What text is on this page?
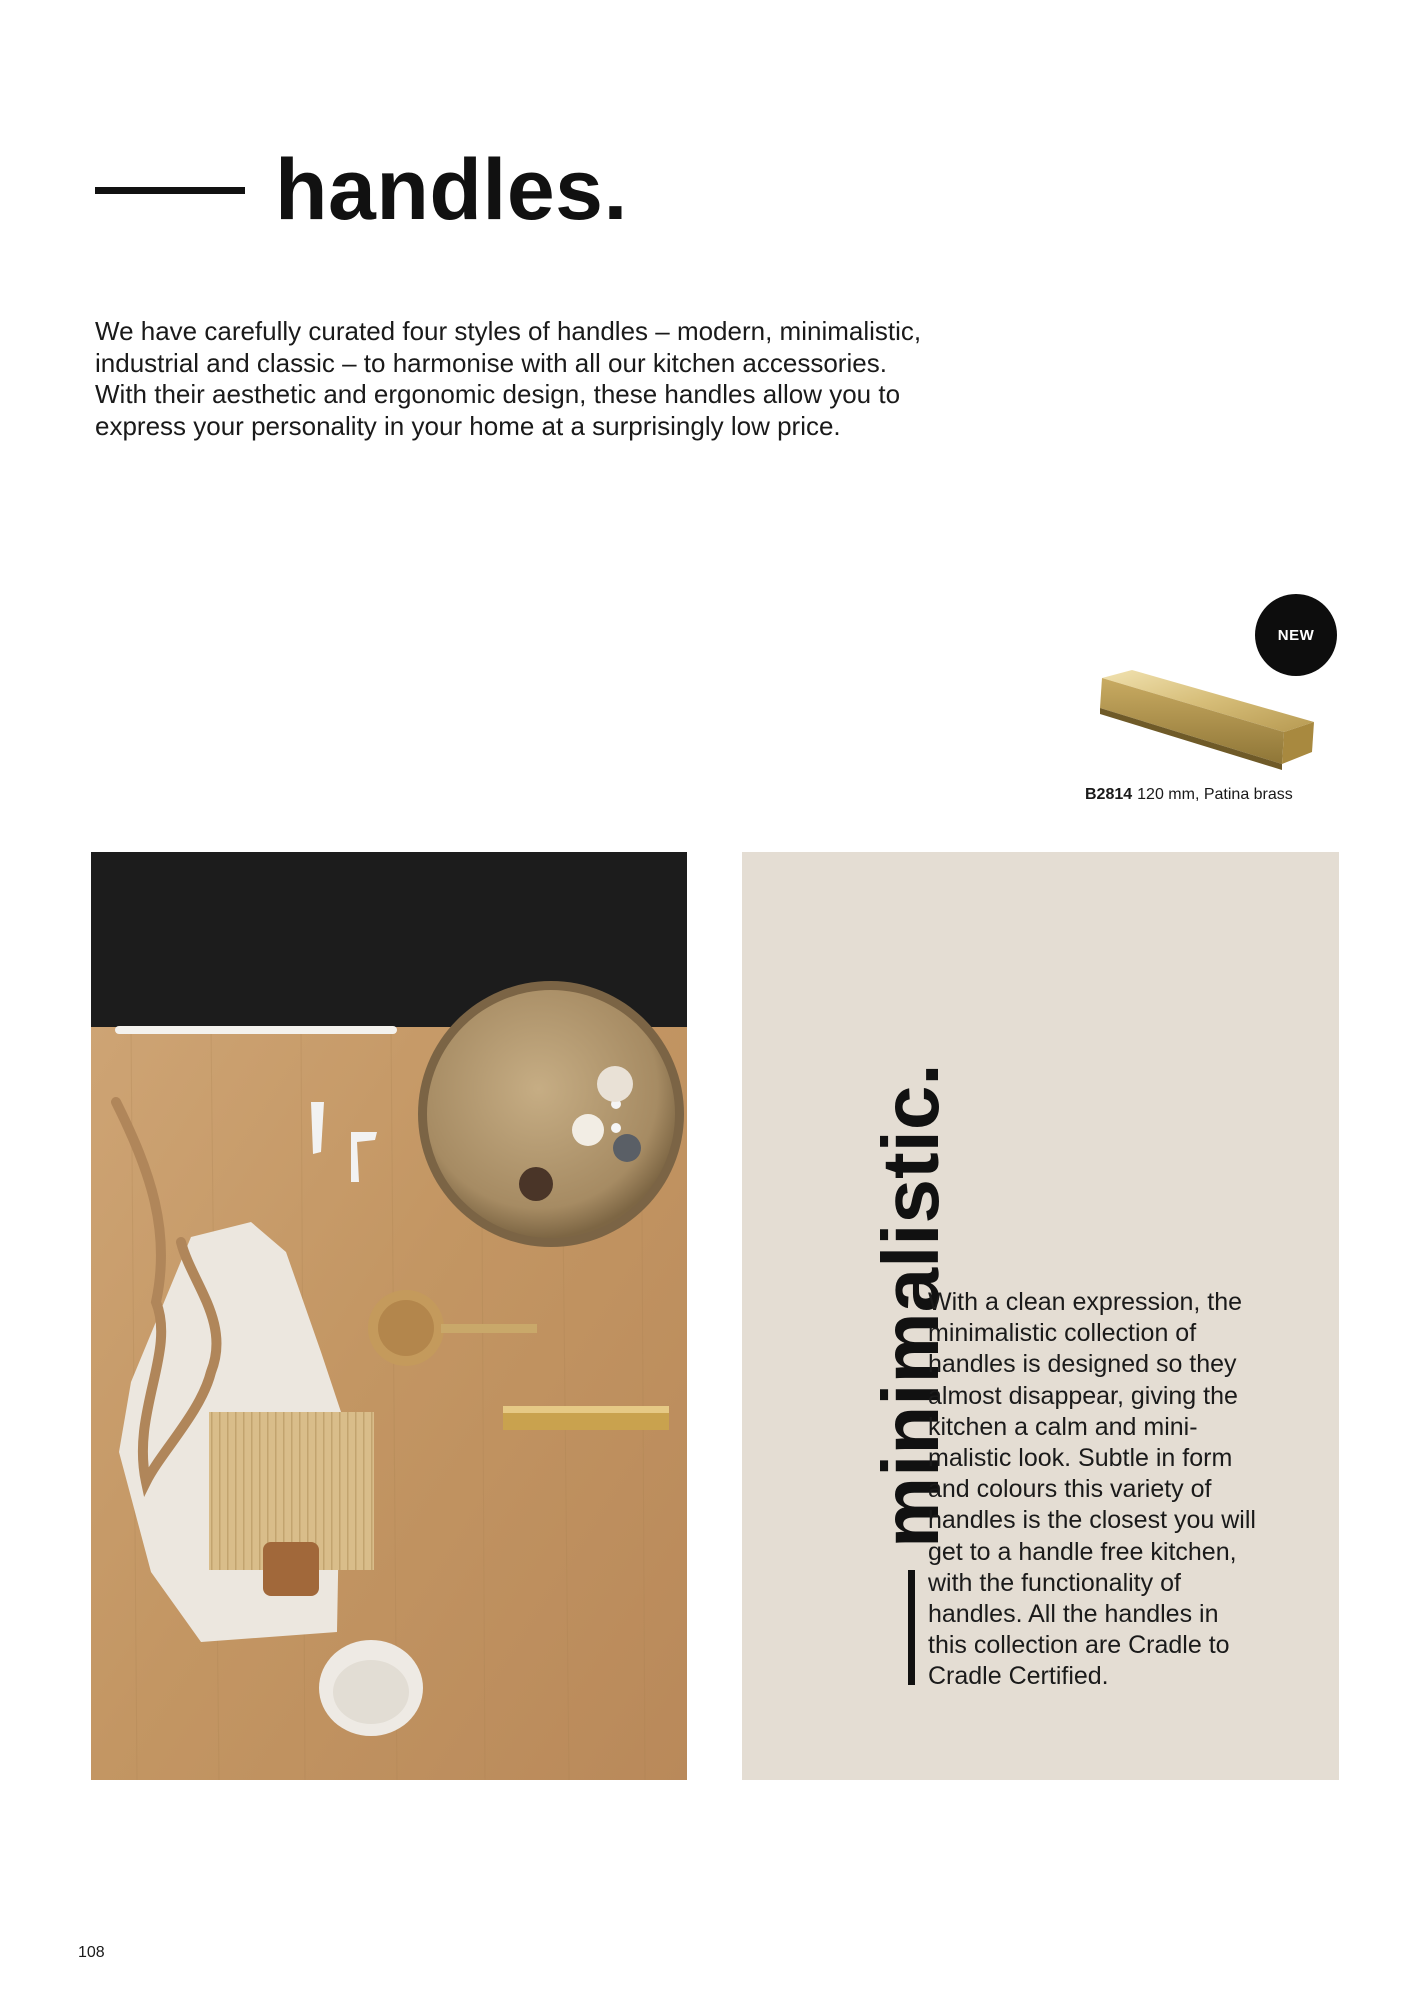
handles.

We have carefully curated four styles of handles – modern, minimalistic, industrial and classic – to harmonise with all our kitchen accessories. With their aesthetic and ergonomic design, these handles allow you to express your personality in your home at a surprisingly low price.

NEW
B2814 120 mm, Patina brass
minimalistic.

With a clean expression, the minimalistic collection of handles is designed so they almost disappear, giving the kitchen a calm and mini-malistic look. Subtle in form and colours this variety of handles is the closest you will get to a handle free kitchen, with the functionality of handles. All the handles in this collection are Cradle to Cradle Certified.

108
